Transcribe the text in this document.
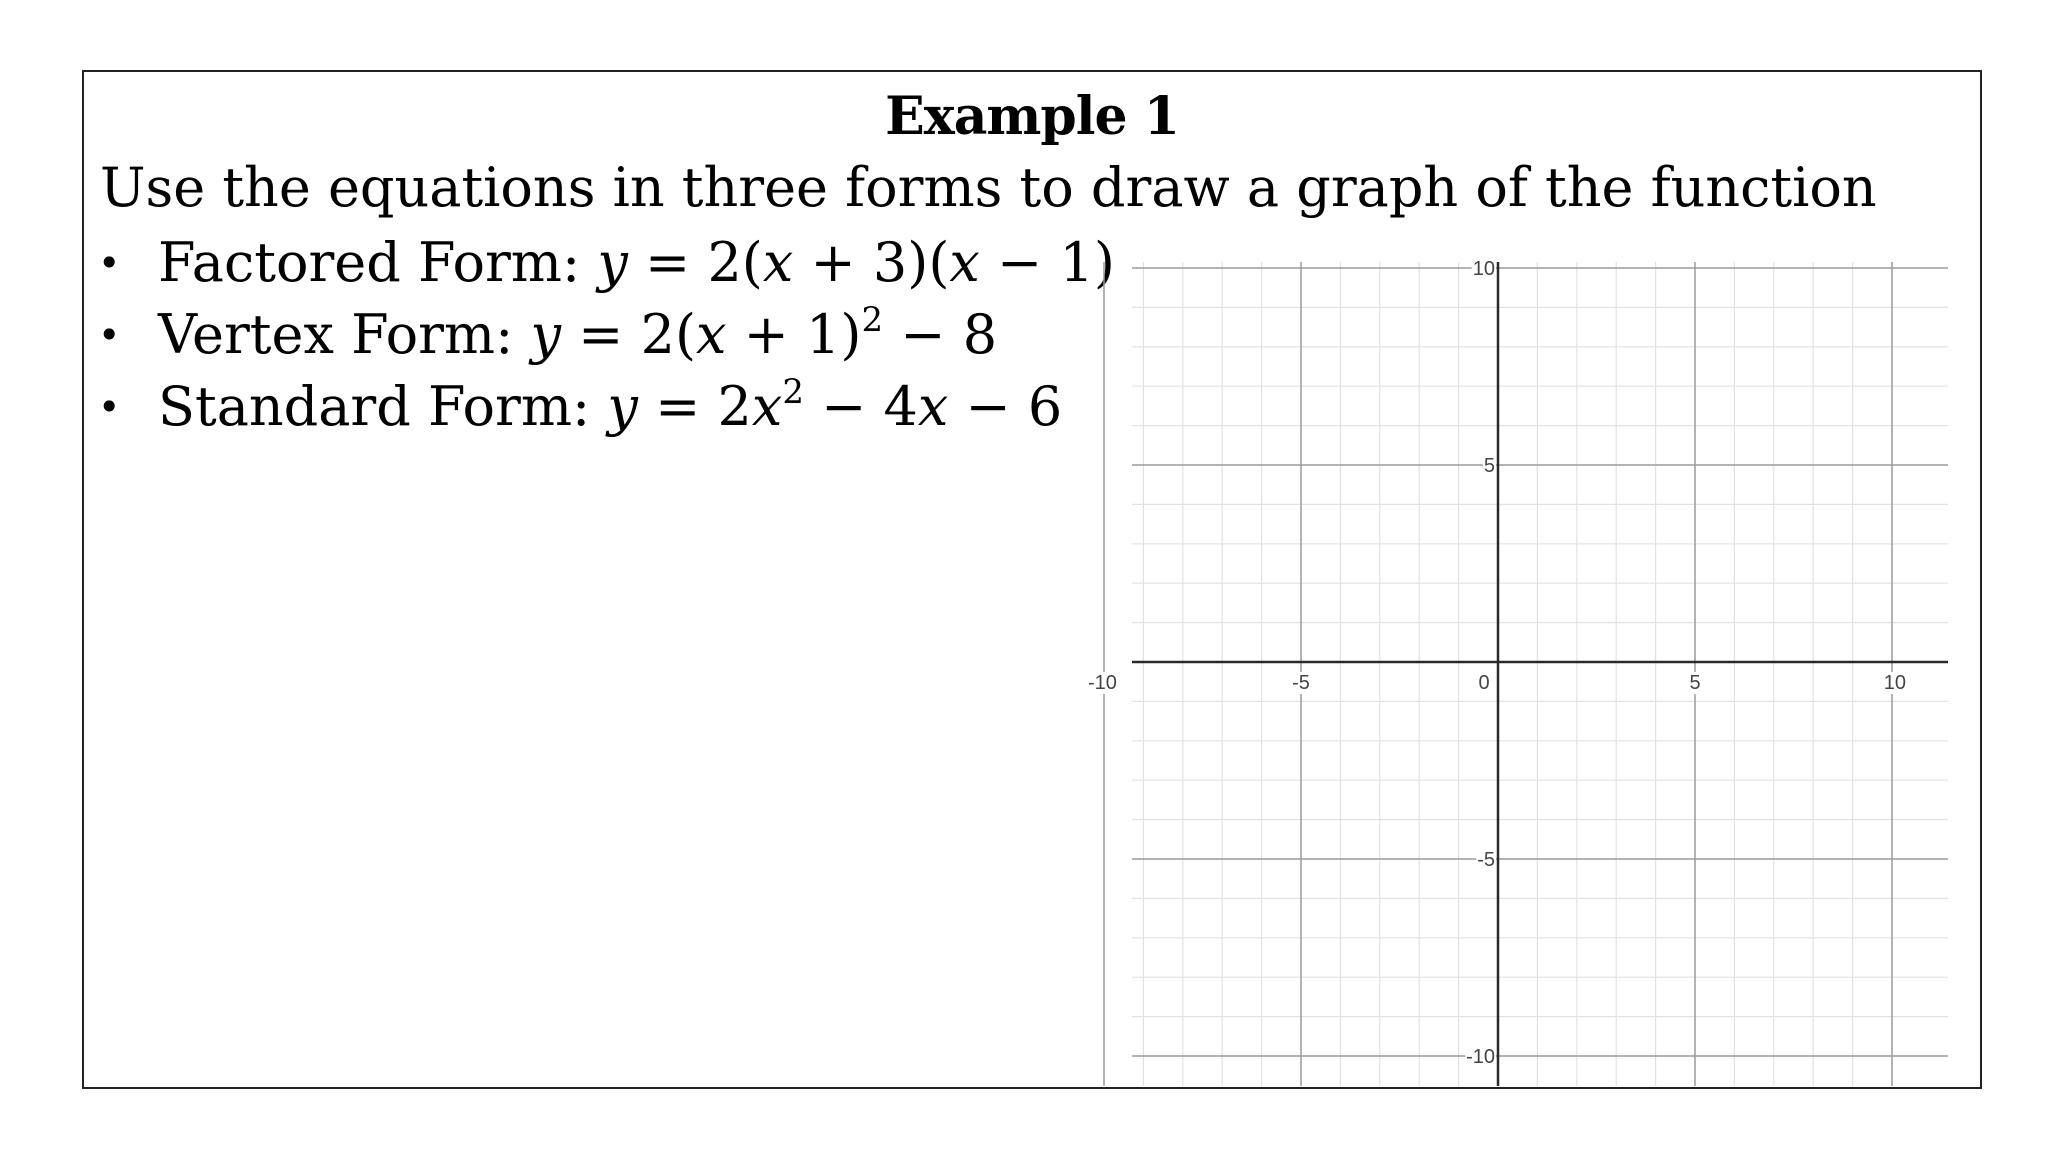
Example 1
Use the equations in three forms to draw a graph of the function
• Factored Form: y = 2(x + 3)(x − 1)
• Vertex Form: $y = 2(x + 1)^2 - 8$
• Standard Form: $y = 2x^2 - 4x - 6$
-10	-5	0	5	10
10
5
-5
-10
